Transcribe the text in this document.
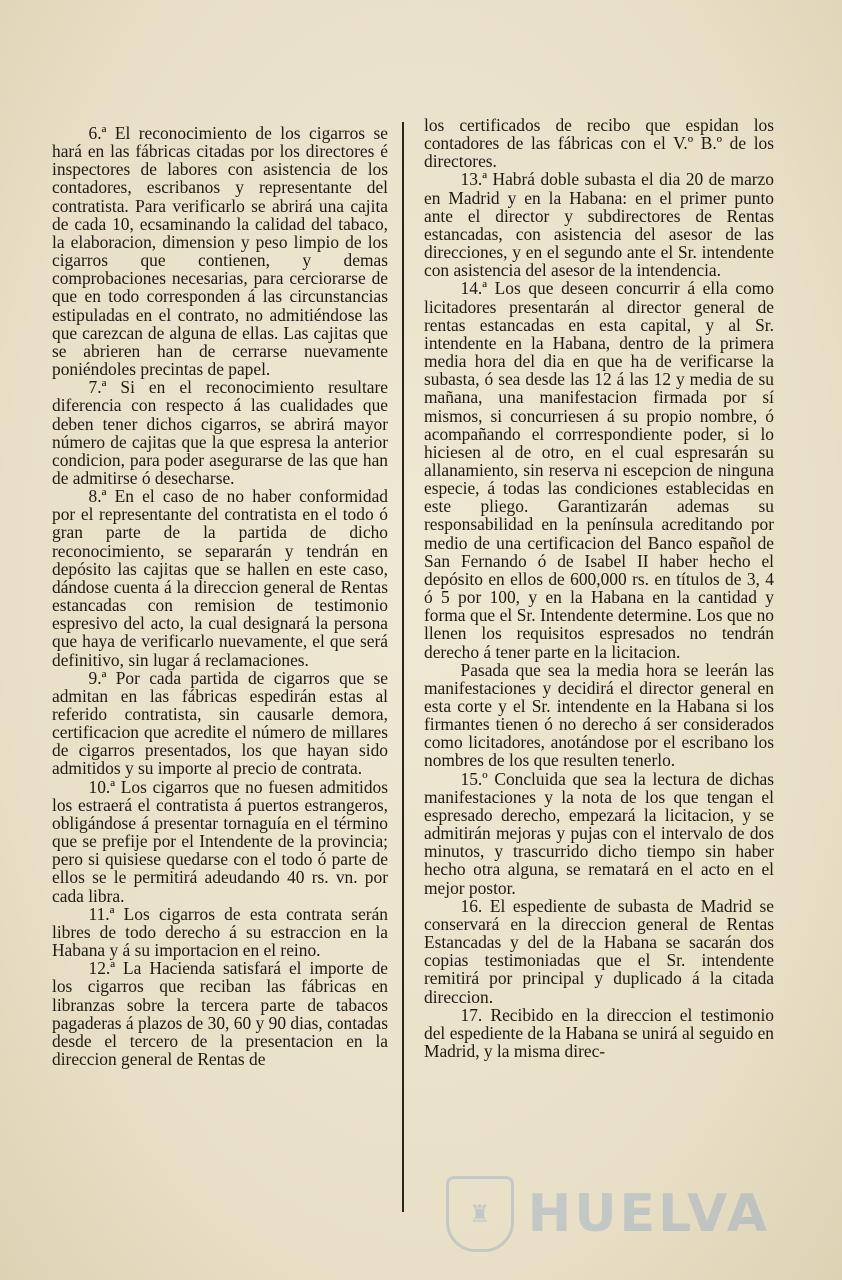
6.ª El reconocimiento de los cigarros se hará en las fábricas citadas por los directores é inspectores de labores con asistencia de los contadores, escribanos y representante del contratista. Para verificarlo se abrirá una cajita de cada 10, ecsaminando la calidad del tabaco, la elaboracion, dimension y peso limpio de los cigarros que contienen, y demas comprobaciones necesarias, para cerciorarse de que en todo corresponden á las circunstancias estipuladas en el contrato, no admitiéndose las que carezcan de alguna de ellas. Las cajitas que se abrieren han de cerrarse nuevamente poniéndoles precintas de papel.

7.ª Si en el reconocimiento resultare diferencia con respecto á las cualidades que deben tener dichos cigarros, se abrirá mayor número de cajitas que la que espresa la anterior condicion, para poder asegurarse de las que han de admitirse ó desecharse.

8.ª En el caso de no haber conformidad por el representante del contratista en el todo ó gran parte de la partida de dicho reconocimiento, se separarán y tendrán en depósito las cajitas que se hallen en este caso, dándose cuenta á la direccion general de Rentas estancadas con remision de testimonio espresivo del acto, la cual designará la persona que haya de verificarlo nuevamente, el que será definitivo, sin lugar á reclamaciones.

9.ª Por cada partida de cigarros que se admitan en las fábricas espedirán estas al referido contratista, sin causarle demora, certificacion que acredite el número de millares de cigarros presentados, los que hayan sido admitidos y su importe al precio de contrata.

10.ª Los cigarros que no fuesen admitidos los estraerá el contratista á puertos estrangeros, obligándose á presentar tornaguía en el término que se prefije por el Intendente de la provincia; pero si quisiese quedarse con el todo ó parte de ellos se le permitirá adeudando 40 rs. vn. por cada libra.

11.ª Los cigarros de esta contrata serán libres de todo derecho á su estraccion en la Habana y á su importacion en el reino.

12.ª La Hacienda satisfará el importe de los cigarros que reciban las fábricas en libranzas sobre la tercera parte de tabacos pagaderas á plazos de 30, 60 y 90 dias, contadas desde el tercero de la presentacion en la direccion general de Rentas de

los certificados de recibo que espidan los contadores de las fábricas con el V.º B.º de los directores.

13.ª Habrá doble subasta el dia 20 de marzo en Madrid y en la Habana: en el primer punto ante el director y subdirectores de Rentas estancadas, con asistencia del asesor de las direcciones, y en el segundo ante el Sr. intendente con asistencia del asesor de la intendencia.

14.ª Los que deseen concurrir á ella como licitadores presentarán al director general de rentas estancadas en esta capital, y al Sr. intendente en la Habana, dentro de la primera media hora del dia en que ha de verificarse la subasta, ó sea desde las 12 á las 12 y media de su mañana, una manifestacion firmada por sí mismos, si concurriesen á su propio nombre, ó acompañando el corrrespondiente poder, si lo hiciesen al de otro, en el cual espresarán su allanamiento, sin reserva ni escepcion de ninguna especie, á todas las condiciones establecidas en este pliego. Garantizarán ademas su responsabilidad en la península acreditando por medio de una certificacion del Banco español de San Fernando ó de Isabel II haber hecho el depósito en ellos de 600,000 rs. en títulos de 3, 4 ó 5 por 100, y en la Habana en la cantidad y forma que el Sr. Intendente determine. Los que no llenen los requisitos espresados no tendrán derecho á tener parte en la licitacion.

Pasada que sea la media hora se leerán las manifestaciones y decidirá el director general en esta corte y el Sr. intendente en la Habana si los firmantes tienen ó no derecho á ser considerados como licitadores, anotándose por el escribano los nombres de los que resulten tenerlo.

15.º Concluida que sea la lectura de dichas manifestaciones y la nota de los que tengan el espresado derecho, empezará la licitacion, y se admitirán mejoras y pujas con el intervalo de dos minutos, y trascurrido dicho tiempo sin haber hecho otra alguna, se rematará en el acto en el mejor postor.

16. El espediente de subasta de Madrid se conservará en la direccion general de Rentas Estancadas y del de la Habana se sacarán dos copias testimoniadas que el Sr. intendente remitirá por principal y duplicado á la citada direccion.

17. Recibido en la direccion el testimonio del espediente de la Habana se unirá al seguido en Madrid, y la misma direc-

♜ HUELVA
